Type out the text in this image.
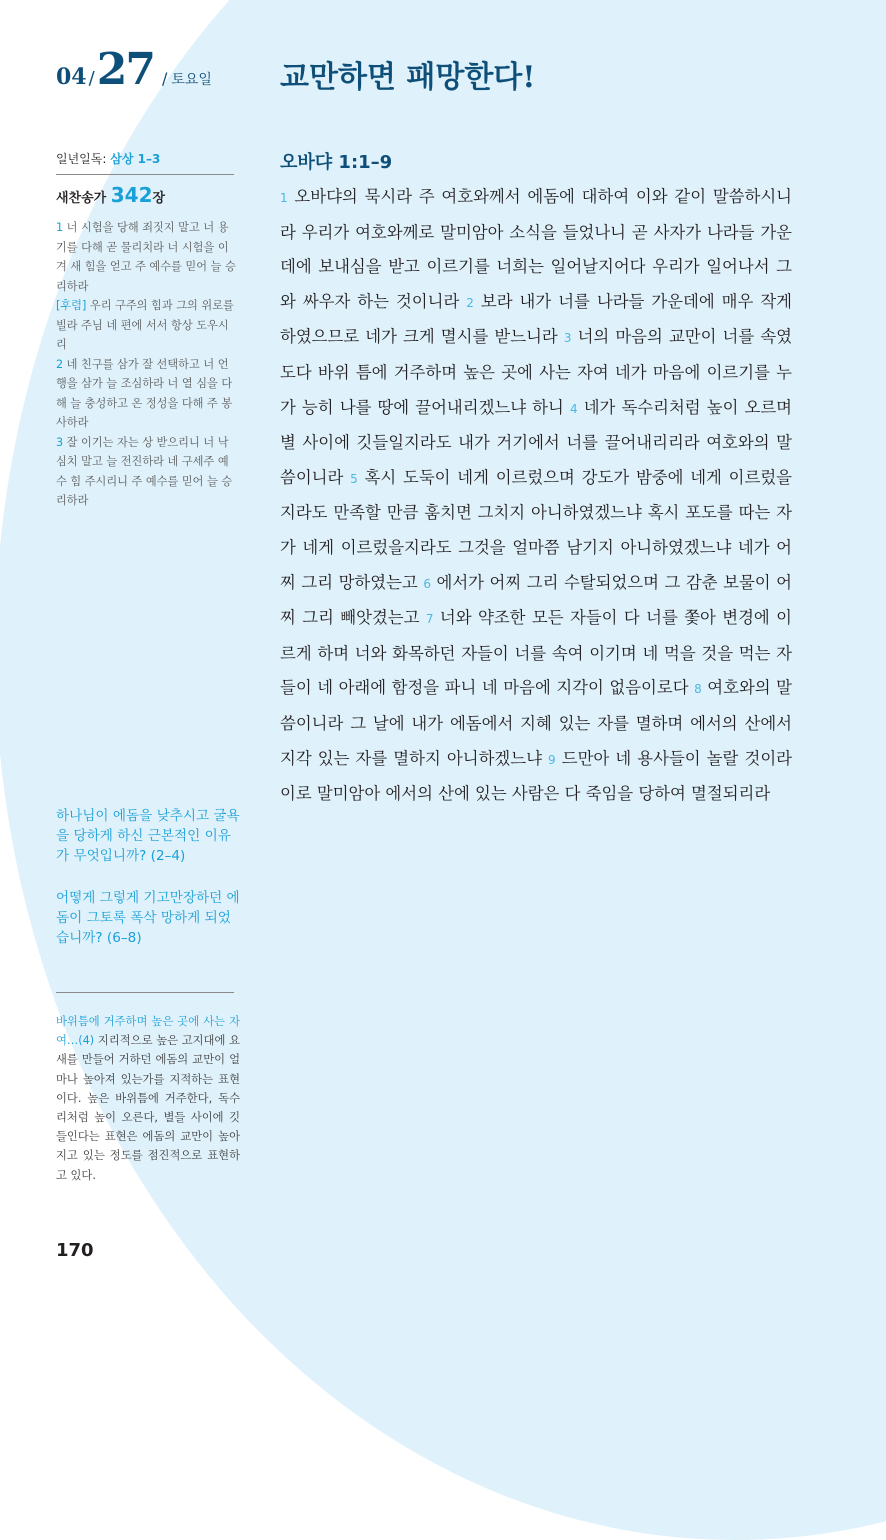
04 / 27 / 토요일 교만하면 패망한다!
일년일독: 삼상 1–3
새찬송가 342장

1 너 시험을 당해 죄짓지 말고 너 용기를 다해 곧 물리치라 너 시험을 이겨 새 힘을 얻고 주 예수를 믿어 늘 승리하라

[후렴] 우리 구주의 힘과 그의 위로를 빌라 주님 네 편에 서서 항상 도우시리

2 네 친구를 삼가 잘 선택하고 너 언행을 삼가 늘 조심하라 너 열 심을 다해 늘 충성하고 온 정성을 다해 주 봉사하라

3 잘 이기는 자는 상 받으리니 너 낙심치 말고 늘 전진하라 네 구세주 예수 힘 주시리니 주 예수를 믿어 늘 승리하라

하나님이 에돔을 낮추시고 굴욕을 당하게 하신 근본적인 이유가 무엇입니까? (2–4)

어떻게 그렇게 기고만장하던 에돔이 그토록 폭삭 망하게 되었습니까? (6–8)

바위틈에 거주하며 높은 곳에 사는 자여…(4) 지리적으로 높은 고지대에 요새를 만들어 거하던 에돔의 교만이 얼마나 높아져 있는가를 지적하는 표현이다. 높은 바위틈에 거주한다, 독수리처럼 높이 오른다, 별들 사이에 깃들인다는 표현은 에돔의 교만이 높아지고 있는 정도를 점진적으로 표현하고 있다.
170
오바댜 1:1–9

1 오바댜의 묵시라 주 여호와께서 에돔에 대하여 이와 같이 말씀하시니라 우리가 여호와께로 말미암아 소식을 들었나니 곧 사자가 나라들 가운데에 보내심을 받고 이르기를 너희는 일어날지어다 우리가 일어나서 그와 싸우자 하는 것이니라 2 보라 내가 너를 나라들 가운데에 매우 작게 하였으므로 네가 크게 멸시를 받느니라 3 너의 마음의 교만이 너를 속였도다 바위 틈에 거주하며 높은 곳에 사는 자여 네가 마음에 이르기를 누가 능히 나를 땅에 끌어내리겠느냐 하니 4 네가 독수리처럼 높이 오르며 별 사이에 깃들일지라도 내가 거기에서 너를 끌어내리리라 여호와의 말씀이니라 5 혹시 도둑이 네게 이르렀으며 강도가 밤중에 네게 이르렀을지라도 만족할 만큼 훔치면 그치지 아니하였겠느냐 혹시 포도를 따는 자가 네게 이르렀을지라도 그것을 얼마쯤 남기지 아니하였겠느냐 네가 어찌 그리 망하였는고 6 에서가 어찌 그리 수탈되었으며 그 감춘 보물이 어찌 그리 빼앗겼는고 7 너와 약조한 모든 자들이 다 너를 쫓아 변경에 이르게 하며 너와 화목하던 자들이 너를 속여 이기며 네 먹을 것을 먹는 자들이 네 아래에 함정을 파니 네 마음에 지각이 없음이로다 8 여호와의 말씀이니라 그 날에 내가 에돔에서 지혜 있는 자를 멸하며 에서의 산에서 지각 있는 자를 멸하지 아니하겠느냐 9 드만아 네 용사들이 놀랄 것이라 이로 말미암아 에서의 산에 있는 사람은 다 죽임을 당하여 멸절되리라
